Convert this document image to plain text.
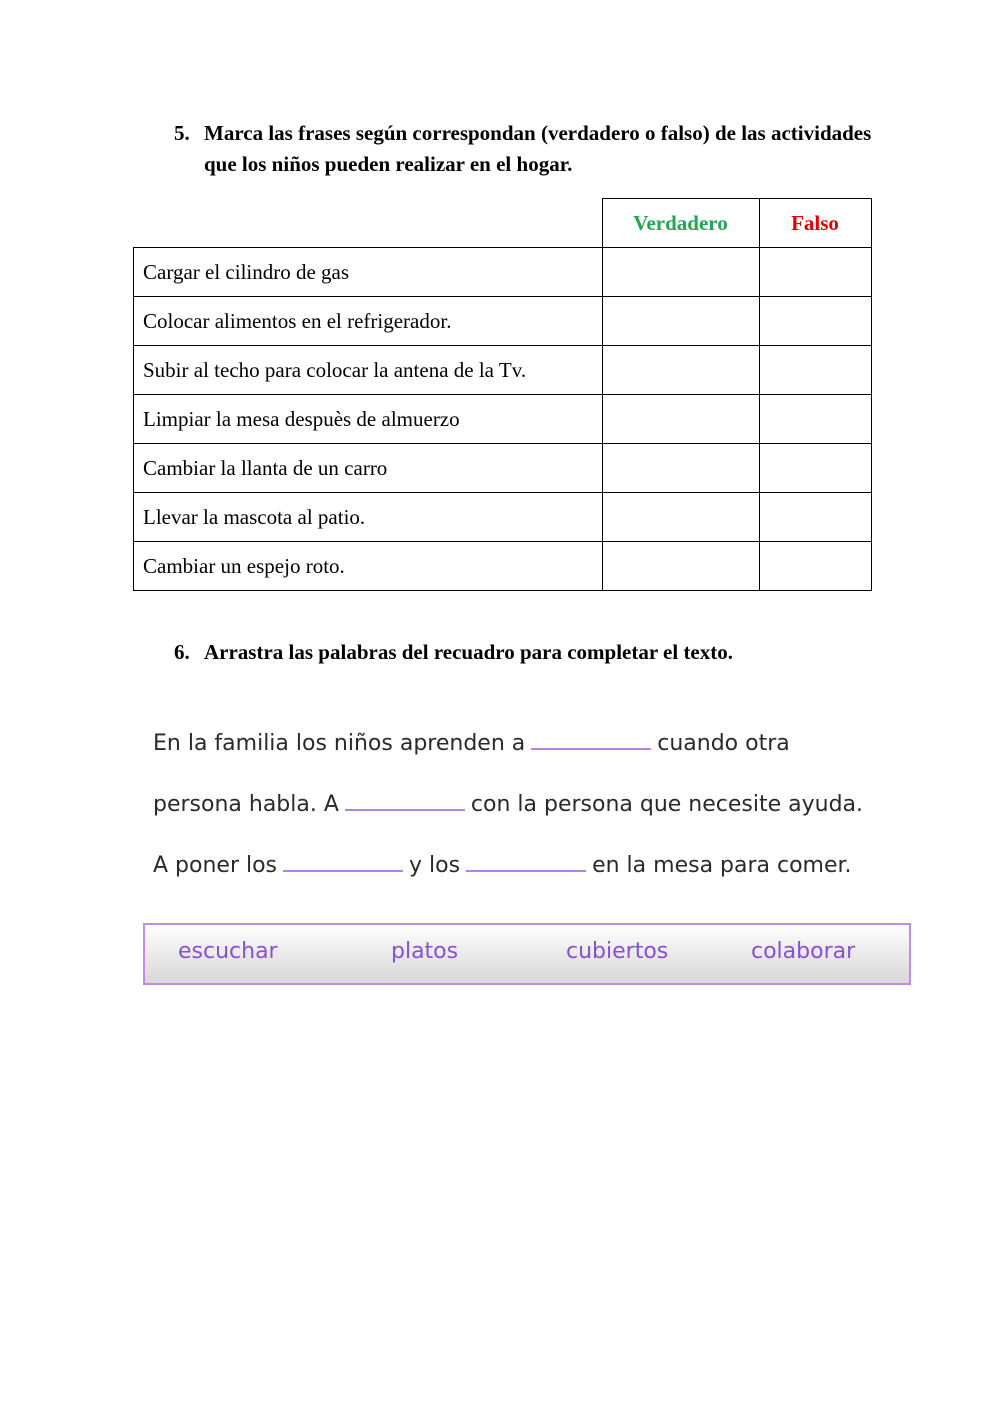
5. Marca las frases según correspondan (verdadero o falso) de las actividades que los niños pueden realizar en el hogar.
	Verdadero	Falso
Cargar el cilindro de gas		
Colocar alimentos en el refrigerador.		
Subir al techo para colocar la antena de la Tv.		
Limpiar la mesa despuès de almuerzo		
Cambiar la llanta de un carro		
Llevar la mascota al patio.		
Cambiar un espejo roto.		
6. Arrastra las palabras del recuadro para completar el texto.
En la familia los niños aprenden a	cuando otra
persona habla. A	con la persona que necesite ayuda.
A poner los	y los	en la mesa para comer.
escuchar	platos	cubiertos	colaborar
